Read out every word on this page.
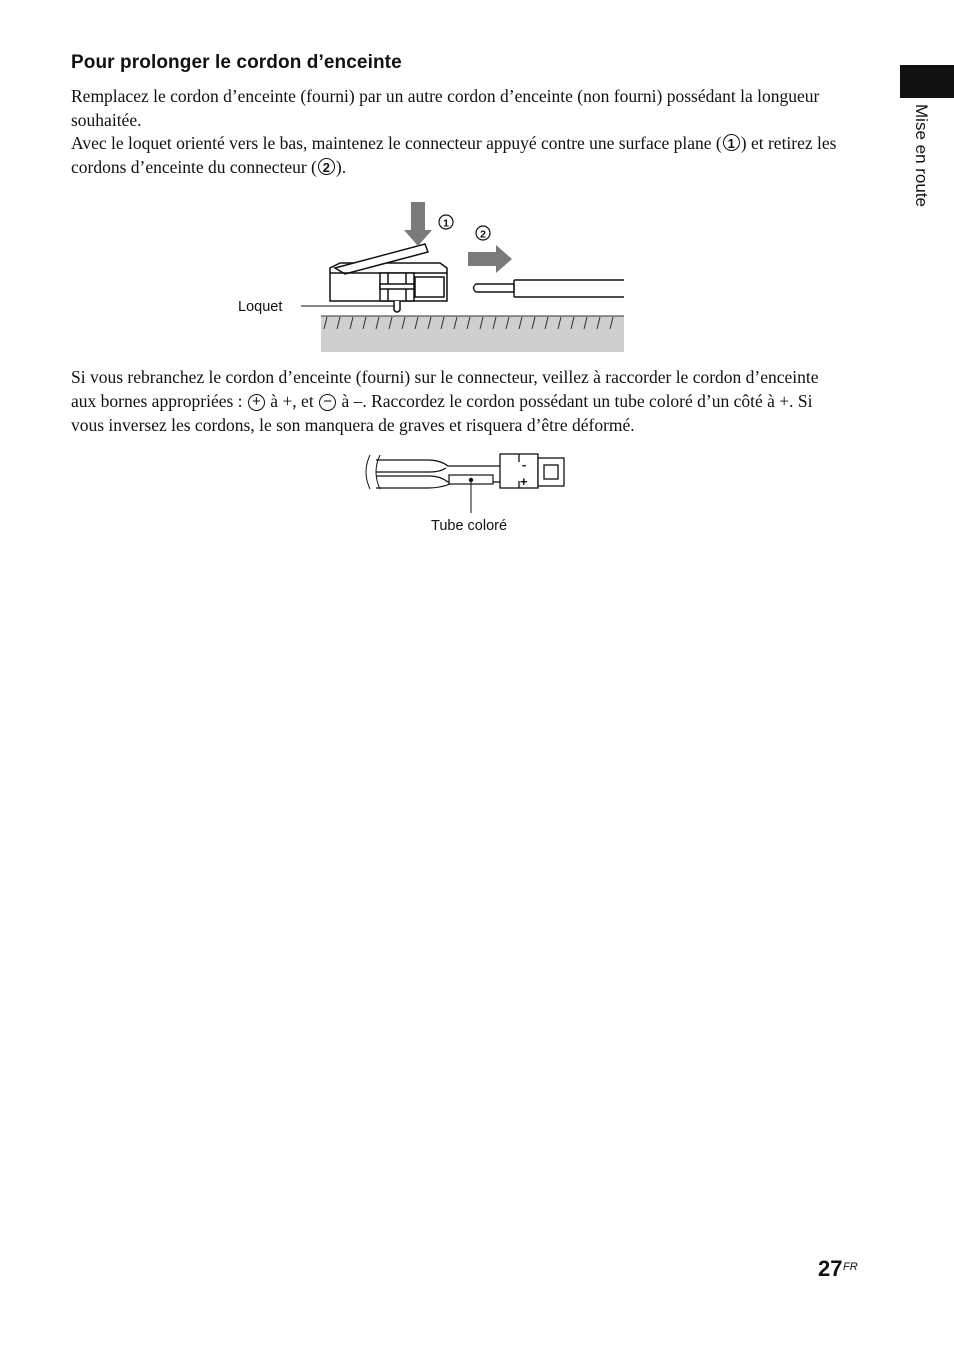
Mise en route
Pour prolonger le cordon d’enceinte

Remplacez le cordon d’enceinte (fourni) par un autre cordon d’enceinte (non fourni) possédant la longueur souhaitée.

Avec le loquet orienté vers le bas, maintenez le connecteur appuyé contre une surface plane ( 1 ) et retirez les cordons d’enceinte du connecteur ( 2 ).

Loquet
1
2

Si vous rebranchez le cordon d’enceinte (fourni) sur le connecteur, veillez à raccorder le cordon d’enceinte aux bornes appropriées : + à +, et − à –. Raccordez le cordon possédant un tube coloré d’un côté à +. Si vous inversez les cordons, le son manquera de graves et risquera d’être déformé.

-
+
Tube coloré
27 FR
